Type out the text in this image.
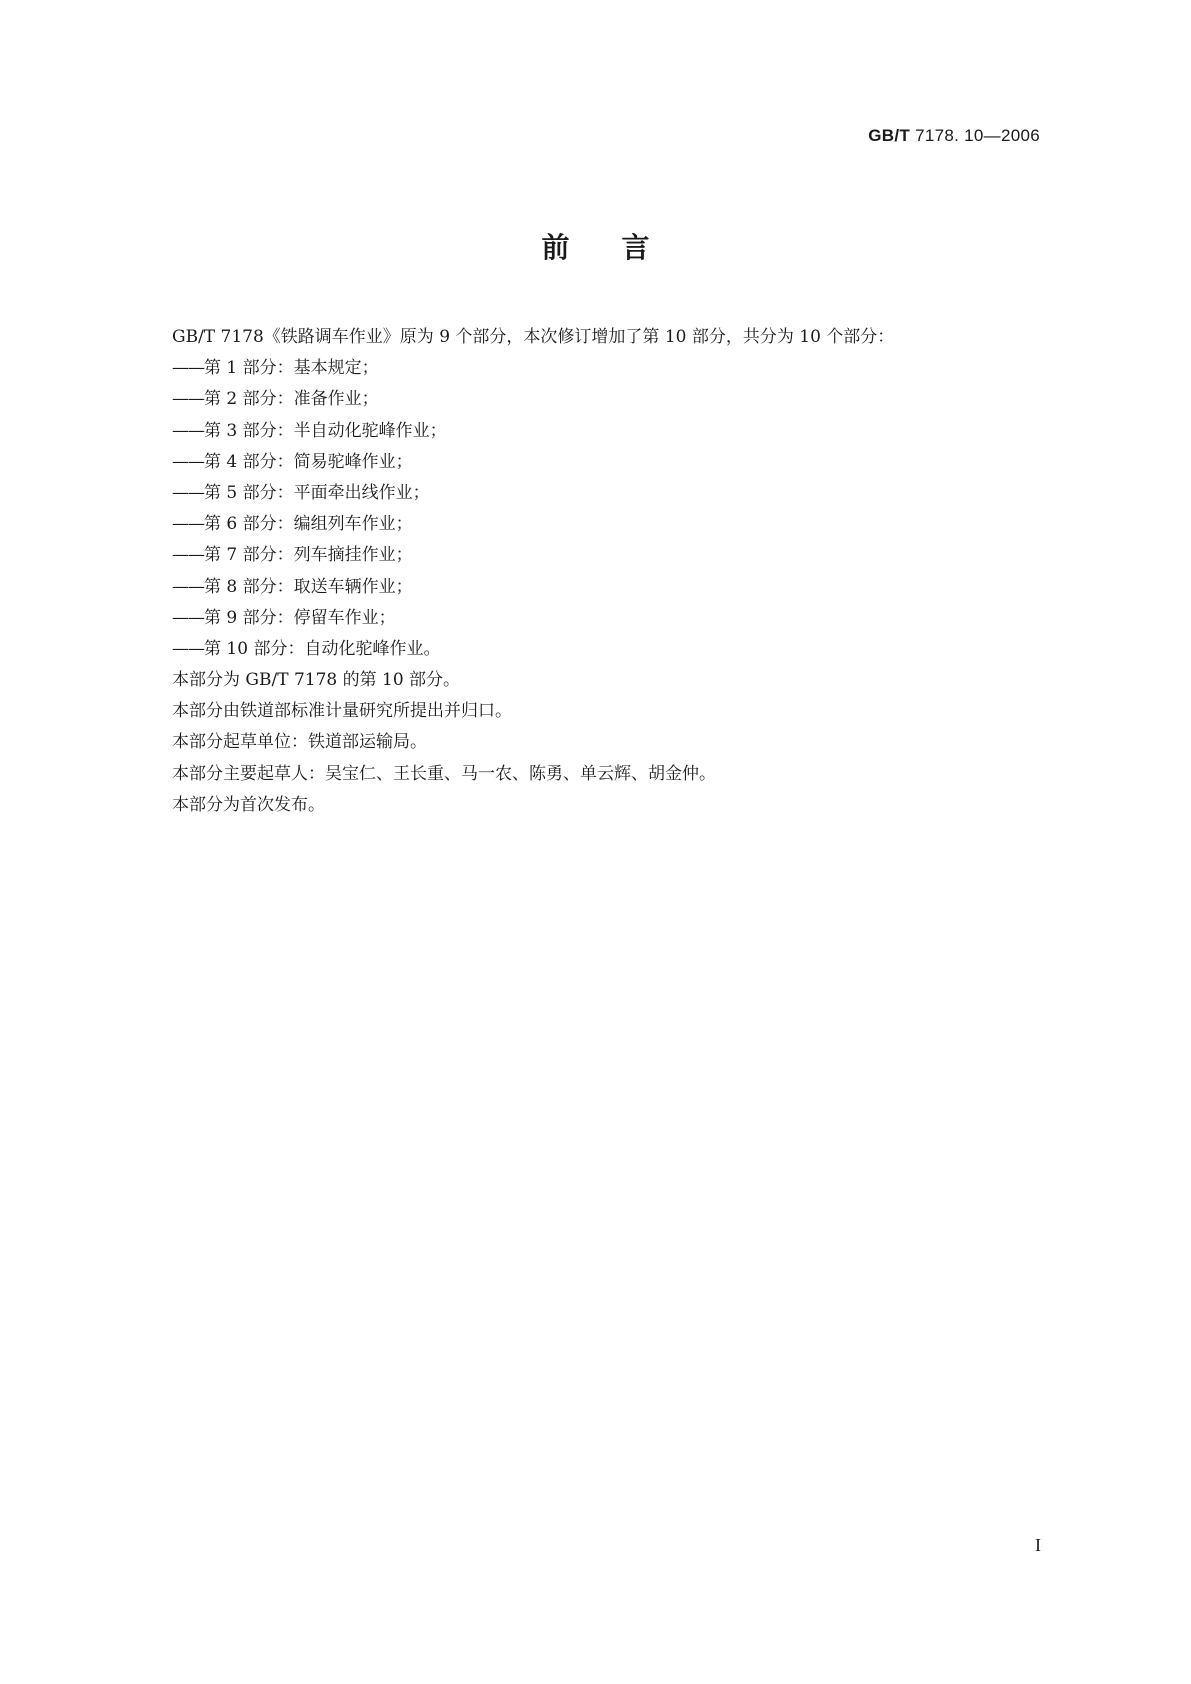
GB/T 7178. 10—2006
前言
GB/T 7178《铁路调车作业》原为 9 个部分，本次修订增加了第 10 部分，共分为 10 个部分：
——第 1 部分：基本规定；
——第 2 部分：准备作业；
——第 3 部分：半自动化驼峰作业；
——第 4 部分：简易驼峰作业；
——第 5 部分：平面牵出线作业；
——第 6 部分：编组列车作业；
——第 7 部分：列车摘挂作业；
——第 8 部分：取送车辆作业；
——第 9 部分：停留车作业；
——第 10 部分：自动化驼峰作业。
本部分为 GB/T 7178 的第 10 部分。
本部分由铁道部标准计量研究所提出并归口。
本部分起草单位：铁道部运输局。
本部分主要起草人：吴宝仁、王长重、马一农、陈勇、单云辉、胡金仲。
本部分为首次发布。
I
